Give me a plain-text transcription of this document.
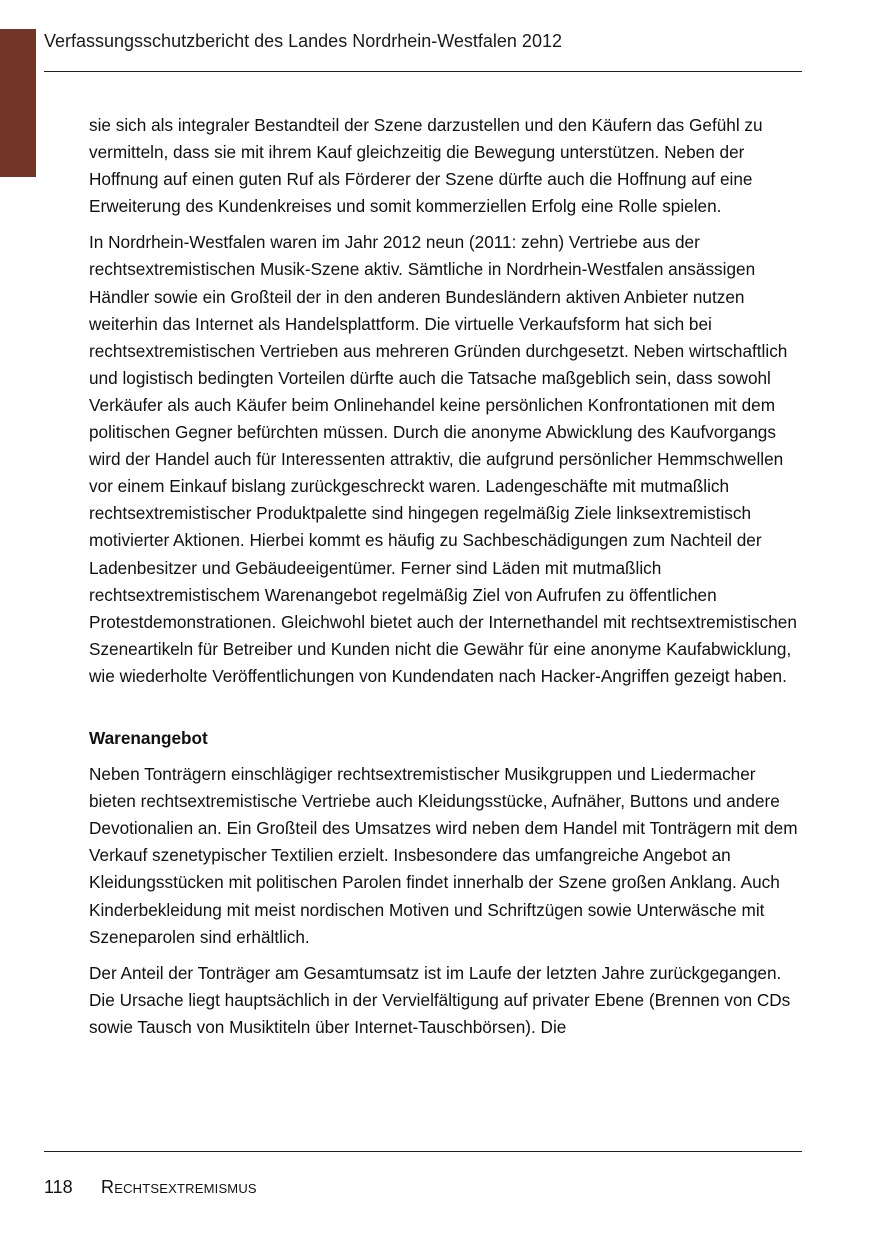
Verfassungsschutzbericht des Landes Nordrhein-Westfalen 2012

sie sich als integraler Bestandteil der Szene darzustellen und den Käufern das Gefühl zu vermitteln, dass sie mit ihrem Kauf gleichzeitig die Bewegung unterstützen. Neben der Hoffnung auf einen guten Ruf als Förderer der Szene dürfte auch die Hoffnung auf eine Erweiterung des Kundenkreises und somit kommerziellen Erfolg eine Rolle spielen.

In Nordrhein-Westfalen waren im Jahr 2012 neun (2011: zehn) Vertriebe aus der rechtsextremistischen Musik-Szene aktiv. Sämtliche in Nordrhein-Westfalen ansässigen Händler sowie ein Großteil der in den anderen Bundesländern aktiven Anbieter nutzen weiterhin das Internet als Handelsplattform. Die virtuelle Verkaufsform hat sich bei rechtsextremistischen Vertrieben aus mehreren Gründen durchgesetzt. Neben wirtschaftlich und logistisch bedingten Vorteilen dürfte auch die Tatsache maßgeblich sein, dass sowohl Verkäufer als auch Käufer beim Onlinehandel keine persönlichen Konfrontationen mit dem politischen Gegner befürchten müssen. Durch die anonyme Abwicklung des Kaufvorgangs wird der Handel auch für Interessenten attraktiv, die aufgrund persönlicher Hemmschwellen vor einem Einkauf bislang zurückgeschreckt waren. Ladengeschäfte mit mutmaßlich rechtsextremistischer Produktpalette sind hingegen regelmäßig Ziele linksextremistisch motivierter Aktionen. Hierbei kommt es häufig zu Sachbeschädigungen zum Nachteil der Ladenbesitzer und Gebäudeeigentümer. Ferner sind Läden mit mutmaßlich rechtsextremistischem Warenangebot regelmäßig Ziel von Aufrufen zu öffentlichen Protestdemonstrationen. Gleichwohl bietet auch der Internethandel mit rechtsextremistischen Szeneartikeln für Betreiber und Kunden nicht die Gewähr für eine anonyme Kaufabwicklung, wie wiederholte Veröffentlichungen von Kundendaten nach Hacker-Angriffen gezeigt haben.

Warenangebot

Neben Tonträgern einschlägiger rechtsextremistischer Musikgruppen und Liedermacher bieten rechtsextremistische Vertriebe auch Kleidungsstücke, Aufnäher, Buttons und andere Devotionalien an. Ein Großteil des Umsatzes wird neben dem Handel mit Tonträgern mit dem Verkauf szenetypischer Textilien erzielt. Insbesondere das umfangreiche Angebot an Kleidungsstücken mit politischen Parolen findet innerhalb der Szene großen Anklang. Auch Kinderbekleidung mit meist nordischen Motiven und Schriftzügen sowie Unterwäsche mit Szeneparolen sind erhältlich.

Der Anteil der Tonträger am Gesamtumsatz ist im Laufe der letzten Jahre zurückgegangen. Die Ursache liegt hauptsächlich in der Vervielfältigung auf privater Ebene (Brennen von CDs sowie Tausch von Musiktiteln über Internet-Tauschbörsen). Die

118 Rechtsextremismus
